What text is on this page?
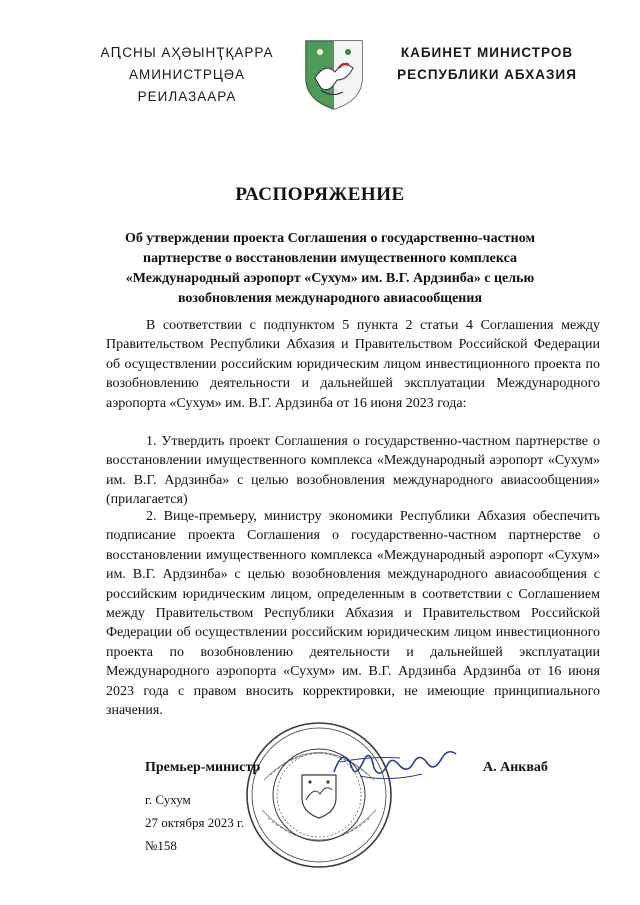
АԤСНЫ АҲӘЫНҬҚАРРА
АМИНИСТРЦӘА РЕИЛАЗААРА
КАБИНЕТ МИНИСТРОВ
РЕСПУБЛИКИ АБХАЗИЯ
РАСПОРЯЖЕНИЕ
Об утверждении проекта Соглашения о государственно-частном партнерстве о восстановлении имущественного комплекса «Международный аэропорт «Сухум» им. В.Г. Ардзинба» с целью возобновления международного авиасообщения

В соответствии с подпунктом 5 пункта 2 статьи 4 Соглашения между Правительством Республики Абхазия и Правительством Российской Федерации об осуществлении российским юридическим лицом инвестиционного проекта по возобновлению деятельности и дальнейшей эксплуатации Международного аэропорта «Сухум» им. В.Г. Ардзинба от 16 июня 2023 года:

1. Утвердить проект Соглашения о государственно-частном партнерстве о восстановлении имущественного комплекса «Международный аэропорт «Сухум» им. В.Г. Ардзинба» с целью возобновления международного авиасообщения» (прилагается)

2. Вице-премьеру, министру экономики Республики Абхазия обеспечить подписание проекта Соглашения о государственно-частном партнерстве о восстановлении имущественного комплекса «Международный аэропорт «Сухум» им. В.Г. Ардзинба» с целью возобновления международного авиасообщения с российским юридическим лицом, определенным в соответствии с Соглашением между Правительством Республики Абхазия и Правительством Российской Федерации об осуществлении российским юридическим лицом инвестиционного проекта по возобновлению деятельности и дальнейшей эксплуатации Международного аэропорта «Сухум» им. В.Г. Ардзинба Ардзинба от 16 июня 2023 года с правом вносить корректировки, не имеющие принципиального значения.

Премьер-министр	А. Анкваб
г. Сухум
27 октября 2023 г.
№158
